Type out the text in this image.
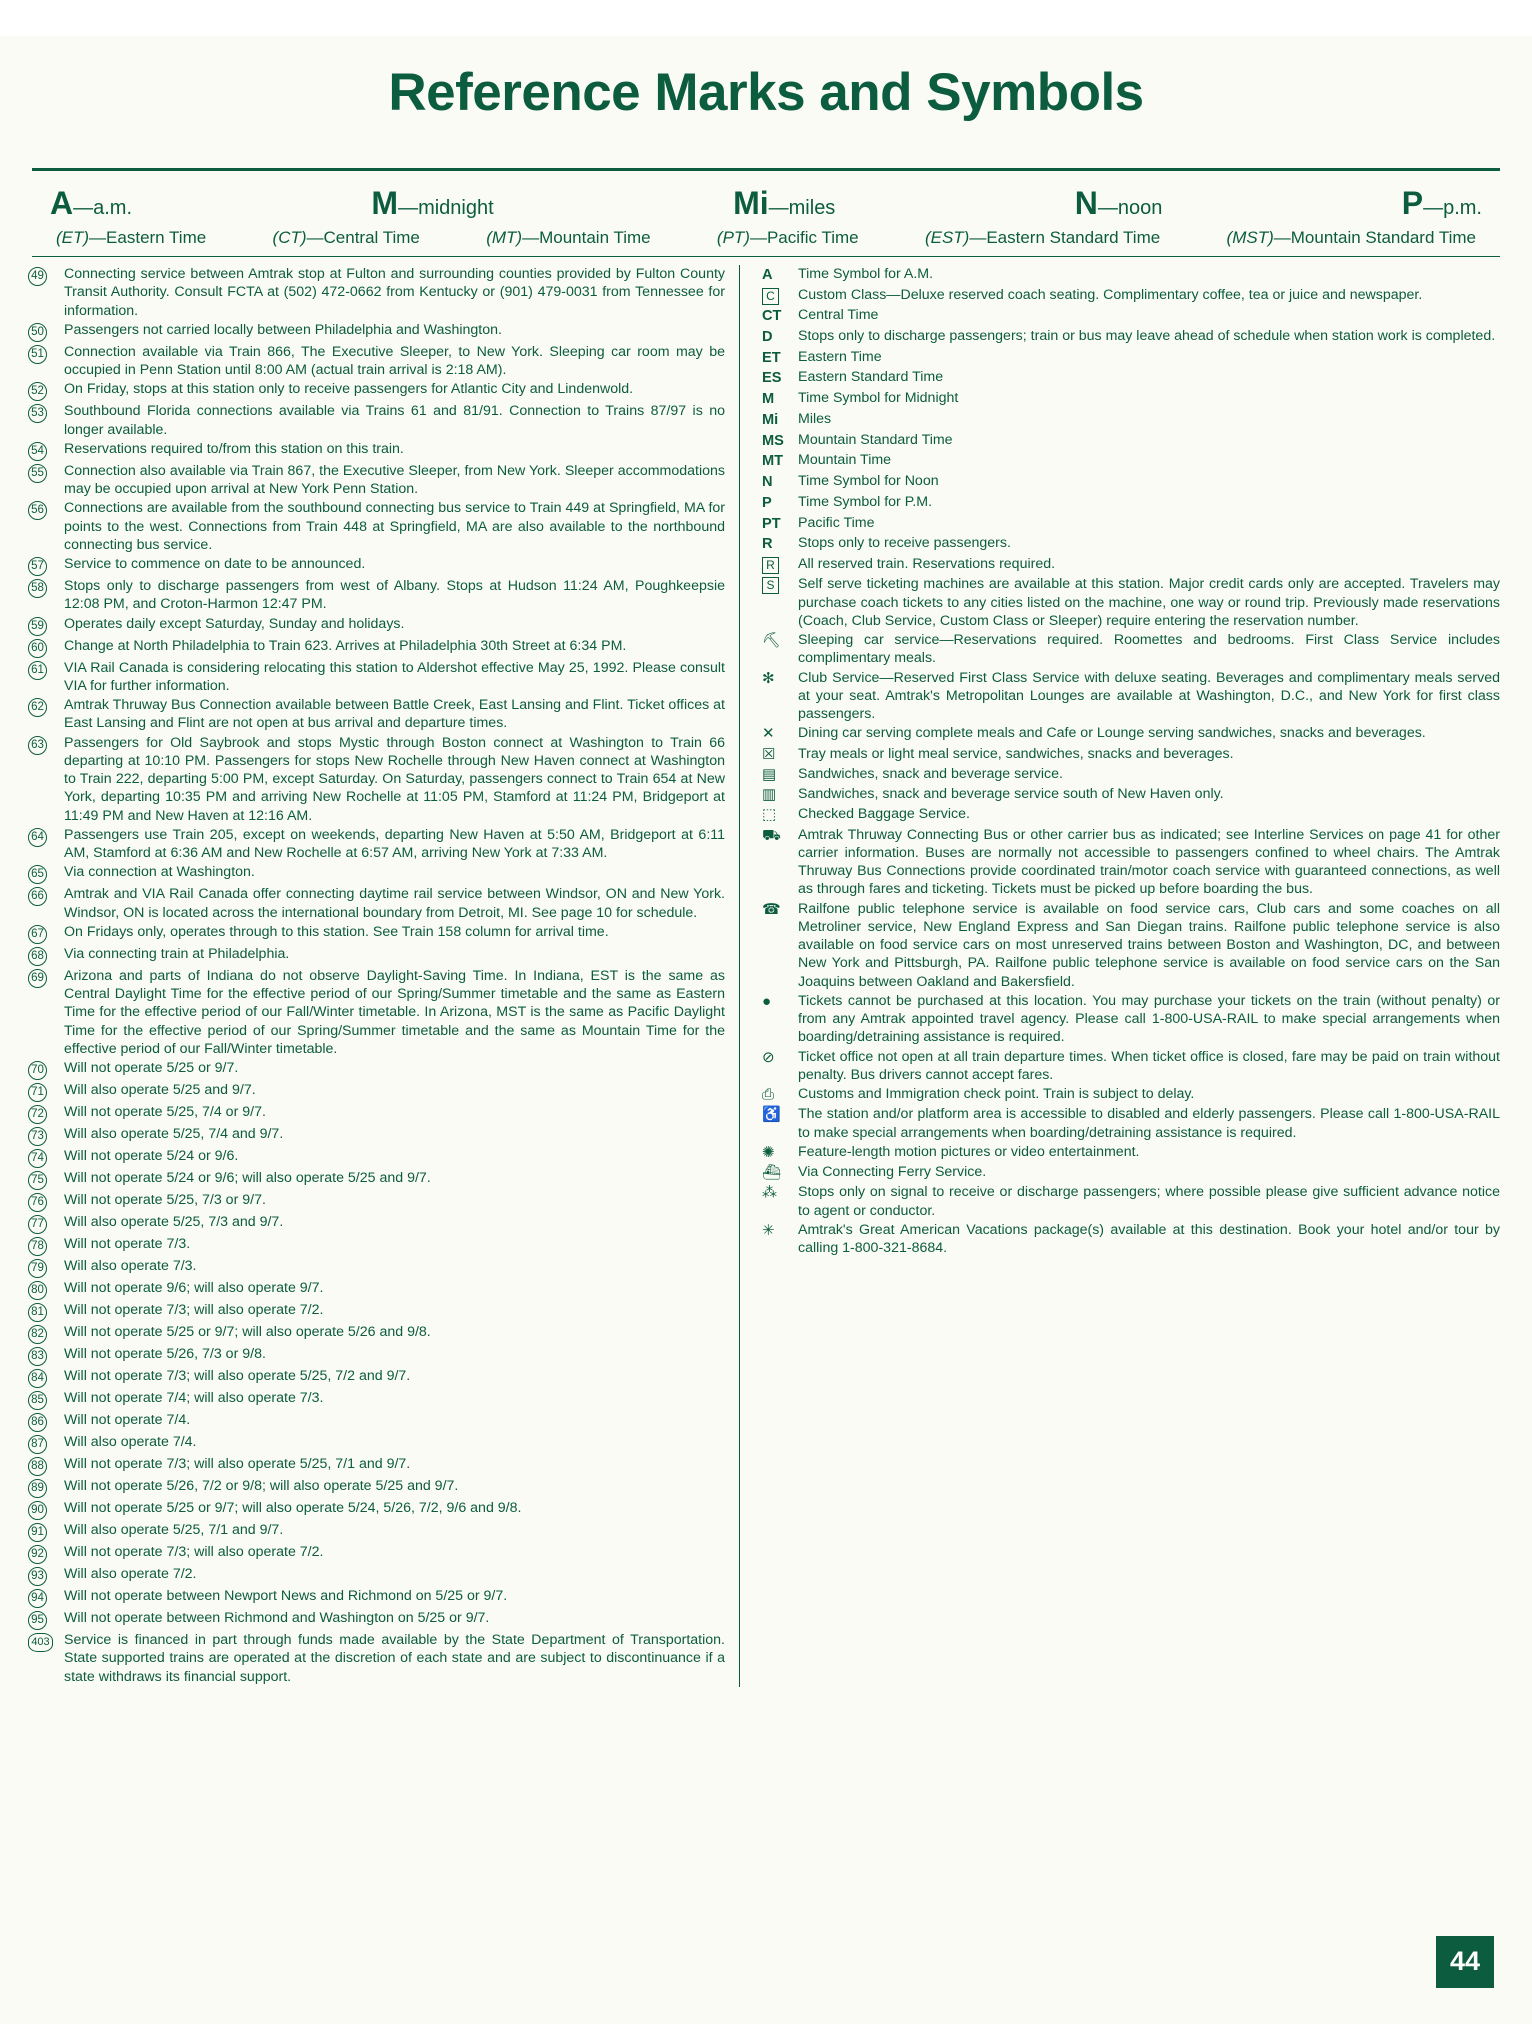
Reference Marks and Symbols
A—a.m.	M—midnight	Mi—miles	N—noon	P—p.m.
(ET)—Eastern Time	(CT)—Central Time	(MT)—Mountain Time	(PT)—Pacific Time	(EST)—Eastern Standard Time	(MST)—Mountain Standard Time
49	Connecting service between Amtrak stop at Fulton and surrounding counties provided by Fulton County Transit Authority. Consult FCTA at (502) 472-0662 from Kentucky or (901) 479-0031 from Tennessee for information.
50	Passengers not carried locally between Philadelphia and Washington.
51	Connection available via Train 866, The Executive Sleeper, to New York. Sleeping car room may be occupied in Penn Station until 8:00 AM (actual train arrival is 2:18 AM).
52	On Friday, stops at this station only to receive passengers for Atlantic City and Lindenwold.
53	Southbound Florida connections available via Trains 61 and 81/91. Connection to Trains 87/97 is no longer available.
54	Reservations required to/from this station on this train.
55	Connection also available via Train 867, the Executive Sleeper, from New York. Sleeper accommodations may be occupied upon arrival at New York Penn Station.
56	Connections are available from the southbound connecting bus service to Train 449 at Springfield, MA for points to the west. Connections from Train 448 at Springfield, MA are also available to the northbound connecting bus service.
57	Service to commence on date to be announced.
58	Stops only to discharge passengers from west of Albany. Stops at Hudson 11:24 AM, Poughkeepsie 12:08 PM, and Croton-Harmon 12:47 PM.
59	Operates daily except Saturday, Sunday and holidays.
60	Change at North Philadelphia to Train 623. Arrives at Philadelphia 30th Street at 6:34 PM.
61	VIA Rail Canada is considering relocating this station to Aldershot effective May 25, 1992. Please consult VIA for further information.
62	Amtrak Thruway Bus Connection available between Battle Creek, East Lansing and Flint. Ticket offices at East Lansing and Flint are not open at bus arrival and departure times.
63	Passengers for Old Saybrook and stops Mystic through Boston connect at Washington to Train 66 departing at 10:10 PM. Passengers for stops New Rochelle through New Haven connect at Washington to Train 222, departing 5:00 PM, except Saturday. On Saturday, passengers connect to Train 654 at New York, departing 10:35 PM and arriving New Rochelle at 11:05 PM, Stamford at 11:24 PM, Bridgeport at 11:49 PM and New Haven at 12:16 AM.
64	Passengers use Train 205, except on weekends, departing New Haven at 5:50 AM, Bridgeport at 6:11 AM, Stamford at 6:36 AM and New Rochelle at 6:57 AM, arriving New York at 7:33 AM.
65	Via connection at Washington.
66	Amtrak and VIA Rail Canada offer connecting daytime rail service between Windsor, ON and New York. Windsor, ON is located across the international boundary from Detroit, MI. See page 10 for schedule.
67	On Fridays only, operates through to this station. See Train 158 column for arrival time.
68	Via connecting train at Philadelphia.
69	Arizona and parts of Indiana do not observe Daylight-Saving Time. In Indiana, EST is the same as Central Daylight Time for the effective period of our Spring/Summer timetable and the same as Eastern Time for the effective period of our Fall/Winter timetable. In Arizona, MST is the same as Pacific Daylight Time for the effective period of our Spring/Summer timetable and the same as Mountain Time for the effective period of our Fall/Winter timetable.
70	Will not operate 5/25 or 9/7.
71	Will also operate 5/25 and 9/7.
72	Will not operate 5/25, 7/4 or 9/7.
73	Will also operate 5/25, 7/4 and 9/7.
74	Will not operate 5/24 or 9/6.
75	Will not operate 5/24 or 9/6; will also operate 5/25 and 9/7.
76	Will not operate 5/25, 7/3 or 9/7.
77	Will also operate 5/25, 7/3 and 9/7.
78	Will not operate 7/3.
79	Will also operate 7/3.
80	Will not operate 9/6; will also operate 9/7.
81	Will not operate 7/3; will also operate 7/2.
82	Will not operate 5/25 or 9/7; will also operate 5/26 and 9/8.
83	Will not operate 5/26, 7/3 or 9/8.
84	Will not operate 7/3; will also operate 5/25, 7/2 and 9/7.
85	Will not operate 7/4; will also operate 7/3.
86	Will not operate 7/4.
87	Will also operate 7/4.
88	Will not operate 7/3; will also operate 5/25, 7/1 and 9/7.
89	Will not operate 5/26, 7/2 or 9/8; will also operate 5/25 and 9/7.
90	Will not operate 5/25 or 9/7; will also operate 5/24, 5/26, 7/2, 9/6 and 9/8.
91	Will also operate 5/25, 7/1 and 9/7.
92	Will not operate 7/3; will also operate 7/2.
93	Will also operate 7/2.
94	Will not operate between Newport News and Richmond on 5/25 or 9/7.
95	Will not operate between Richmond and Washington on 5/25 or 9/7.
403	Service is financed in part through funds made available by the State Department of Transportation. State supported trains are operated at the discretion of each state and are subject to discontinuance if a state withdraws its financial support.
A	Time Symbol for A.M.
C	Custom Class—Deluxe reserved coach seating. Complimentary coffee, tea or juice and newspaper.
CT	Central Time
D	Stops only to discharge passengers; train or bus may leave ahead of schedule when station work is completed.
ET	Eastern Time
ES	Eastern Standard Time
M	Time Symbol for Midnight
Mi	Miles
MS Mountain Standard Time
MT	Mountain Time
N	Time Symbol for Noon
P	Time Symbol for P.M.
PT	Pacific Time
R	Stops only to receive passengers.
R	All reserved train. Reservations required.
S	Self serve ticketing machines are available at this station. Major credit cards only are accepted. Travelers may purchase coach tickets to any cities listed on the machine, one way or round trip. Previously made reservations (Coach, Club Service, Custom Class or Sleeper) require entering the reservation number.
⛏	Sleeping car service—Reservations required. Roomettes and bedrooms. First Class Service includes complimentary meals.
✻	Club Service—Reserved First Class Service with deluxe seating. Beverages and complimentary meals served at your seat. Amtrak's Metropolitan Lounges are available at Washington, D.C., and New York for first class passengers.
✕	Dining car serving complete meals and Cafe or Lounge serving sandwiches, snacks and beverages.
☒	Tray meals or light meal service, sandwiches, snacks and beverages.
▤	Sandwiches, snack and beverage service.
▥	Sandwiches, snack and beverage service south of New Haven only.
⬚	Checked Baggage Service.
⛟	Amtrak Thruway Connecting Bus or other carrier bus as indicated; see Interline Services on page 41 for other carrier information. Buses are normally not accessible to passengers confined to wheel chairs. The Amtrak Thruway Bus Connections provide coordinated train/motor coach service with guaranteed connections, as well as through fares and ticketing. Tickets must be picked up before boarding the bus.
☎	Railfone public telephone service is available on food service cars, Club cars and some coaches on all Metroliner service, New England Express and San Diegan trains. Railfone public telephone service is also available on food service cars on most unreserved trains between Boston and Washington, DC, and between New York and Pittsburgh, PA. Railfone public telephone service is available on food service cars on the San Joaquins between Oakland and Bakersfield.
●	Tickets cannot be purchased at this location. You may purchase your tickets on the train (without penalty) or from any Amtrak appointed travel agency. Please call 1-800-USA-RAIL to make special arrangements when boarding/detraining assistance is required.
⊘	Ticket office not open at all train departure times. When ticket office is closed, fare may be paid on train without penalty. Bus drivers cannot accept fares.
⎙	Customs and Immigration check point. Train is subject to delay.
♿	The station and/or platform area is accessible to disabled and elderly passengers. Please call 1-800-USA-RAIL to make special arrangements when boarding/detraining assistance is required.
✺	Feature-length motion pictures or video entertainment.
⛴	Via Connecting Ferry Service.
⁂	Stops only on signal to receive or discharge passengers; where possible please give sufficient advance notice to agent or conductor.
✳	Amtrak's Great American Vacations package(s) available at this destination. Book your hotel and/or tour by calling 1-800-321-8684.
44
